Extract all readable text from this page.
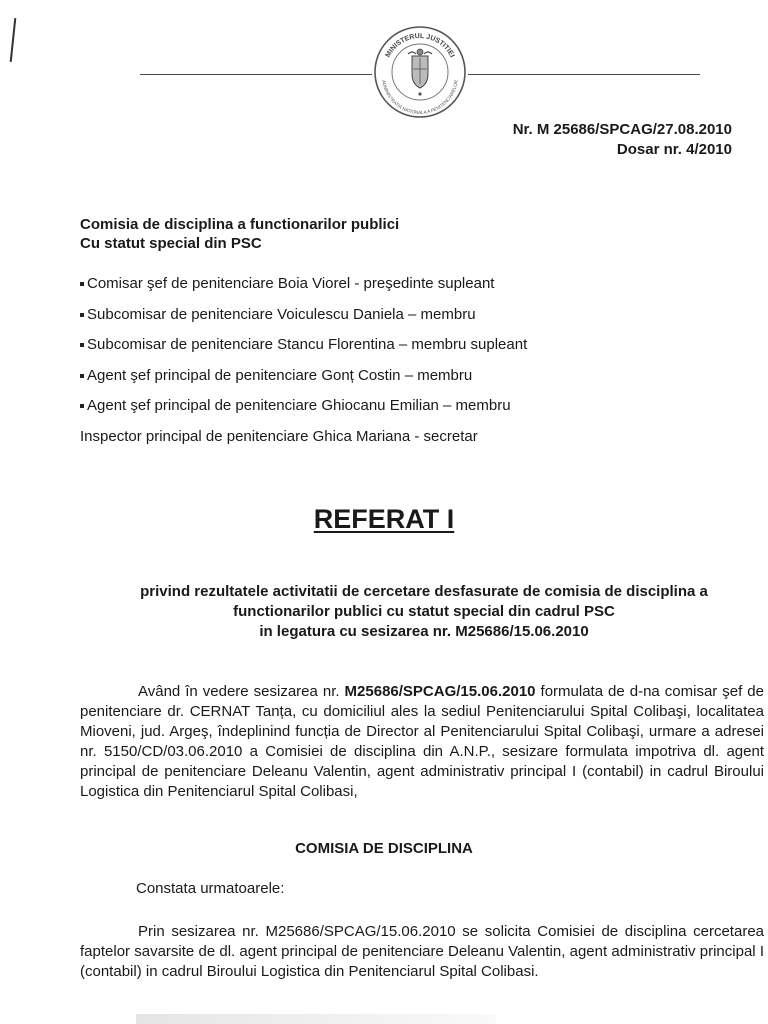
MINISTERUL JUSTITIEI
ADMINISTRATIA NATIONALA A PENITENCIARELOR
Nr. M 25686/SPCAG/27.08.2010
Dosar nr. 4/2010
Comisia de disciplina a functionarilor publici
Cu statut special din PSC
Comisar şef de penitenciare Boia Viorel - preşedinte supleant
Subcomisar de penitenciare Voiculescu Daniela – membru
Subcomisar de penitenciare Stancu Florentina – membru supleant
Agent şef principal de penitenciare Gonț Costin – membru
Agent şef principal de penitenciare Ghiocanu Emilian – membru
Inspector principal de penitenciare Ghica Mariana - secretar
REFERAT I
privind rezultatele activitatii de cercetare desfasurate de comisia de disciplina a
functionarilor publici cu statut special din cadrul PSC
in legatura cu sesizarea nr. M25686/15.06.2010
Având în vedere sesizarea nr. M25686/SPCAG/15.06.2010 formulata de d-na comisar şef de penitenciare dr. CERNAT Tanța, cu domiciliul ales la sediul Penitenciarului Spital Colibaşi, localitatea Mioveni, jud. Argeş, îndeplinind funcția de Director al Penitenciarului Spital Colibaşi, urmare a adresei nr. 5150/CD/03.06.2010 a Comisiei de disciplina din A.N.P., sesizare formulata impotriva dl. agent principal de penitenciare Deleanu Valentin, agent administrativ principal I (contabil) in cadrul Biroului Logistica din Penitenciarul Spital Colibasi,
COMISIA DE DISCIPLINA
Constata urmatoarele:
Prin sesizarea nr. M25686/SPCAG/15.06.2010 se solicita Comisiei de disciplina cercetarea faptelor savarsite de dl. agent principal de penitenciare Deleanu Valentin, agent administrativ principal I (contabil) in cadrul Biroului Logistica din Penitenciarul Spital Colibasi.
